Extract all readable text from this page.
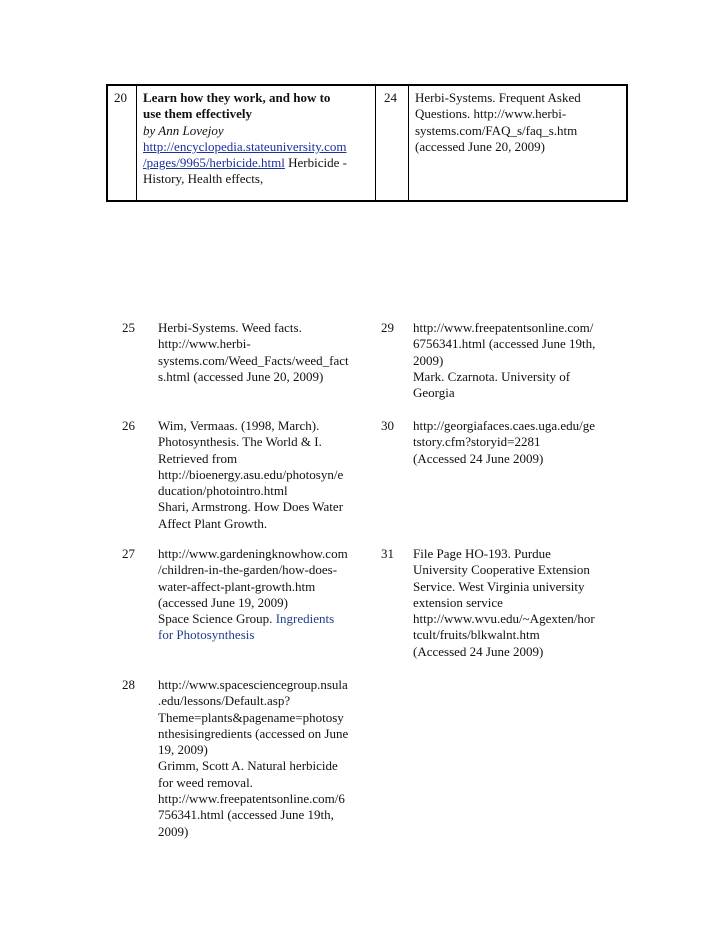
20 Learn how they work, and how to
use them effectively
by Ann Lovejoy
http://encyclopedia.stateuniversity.com
/pages/9965/herbicide.html Herbicide -
History, Health effects,
24 Herbi-Systems. Frequent Asked
Questions. http://www.herbi-
systems.com/FAQ_s/faq_s.htm
(accessed June 20, 2009)
25 Herbi-Systems. Weed facts.
http://www.herbi-
systems.com/Weed_Facts/weed_fact
s.html (accessed June 20, 2009)
26 Wim, Vermaas. (1998, March).
Photosynthesis. The World & I.
Retrieved from
http://bioenergy.asu.edu/photosyn/e
ducation/photointro.html
Shari, Armstrong. How Does Water
Affect Plant Growth.
27 http://www.gardeningknowhow.com
/children-in-the-garden/how-does-
water-affect-plant-growth.htm
(accessed June 19, 2009)
Space Science Group. Ingredients
for Photosynthesis
28 http://www.spacesciencegroup.nsula
.edu/lessons/Default.asp?
Theme=plants&pagename=photosy
nthesisingredients (accessed on June
19, 2009)
Grimm, Scott A. Natural herbicide
for weed removal.
http://www.freepatentsonline.com/6
756341.html (accessed June 19th,
2009)
29 http://www.freepatentsonline.com/
6756341.html (accessed June 19th,
2009)
Mark. Czarnota. University of
Georgia
30 http://georgiafaces.caes.uga.edu/ge
tstory.cfm?storyid=2281
(Accessed 24 June 2009)
31 File Page HO-193. Purdue
University Cooperative Extension
Service. West Virginia university
extension service
http://www.wvu.edu/~Agexten/hor
tcult/fruits/blkwalnt.htm
(Accessed 24 June 2009)
